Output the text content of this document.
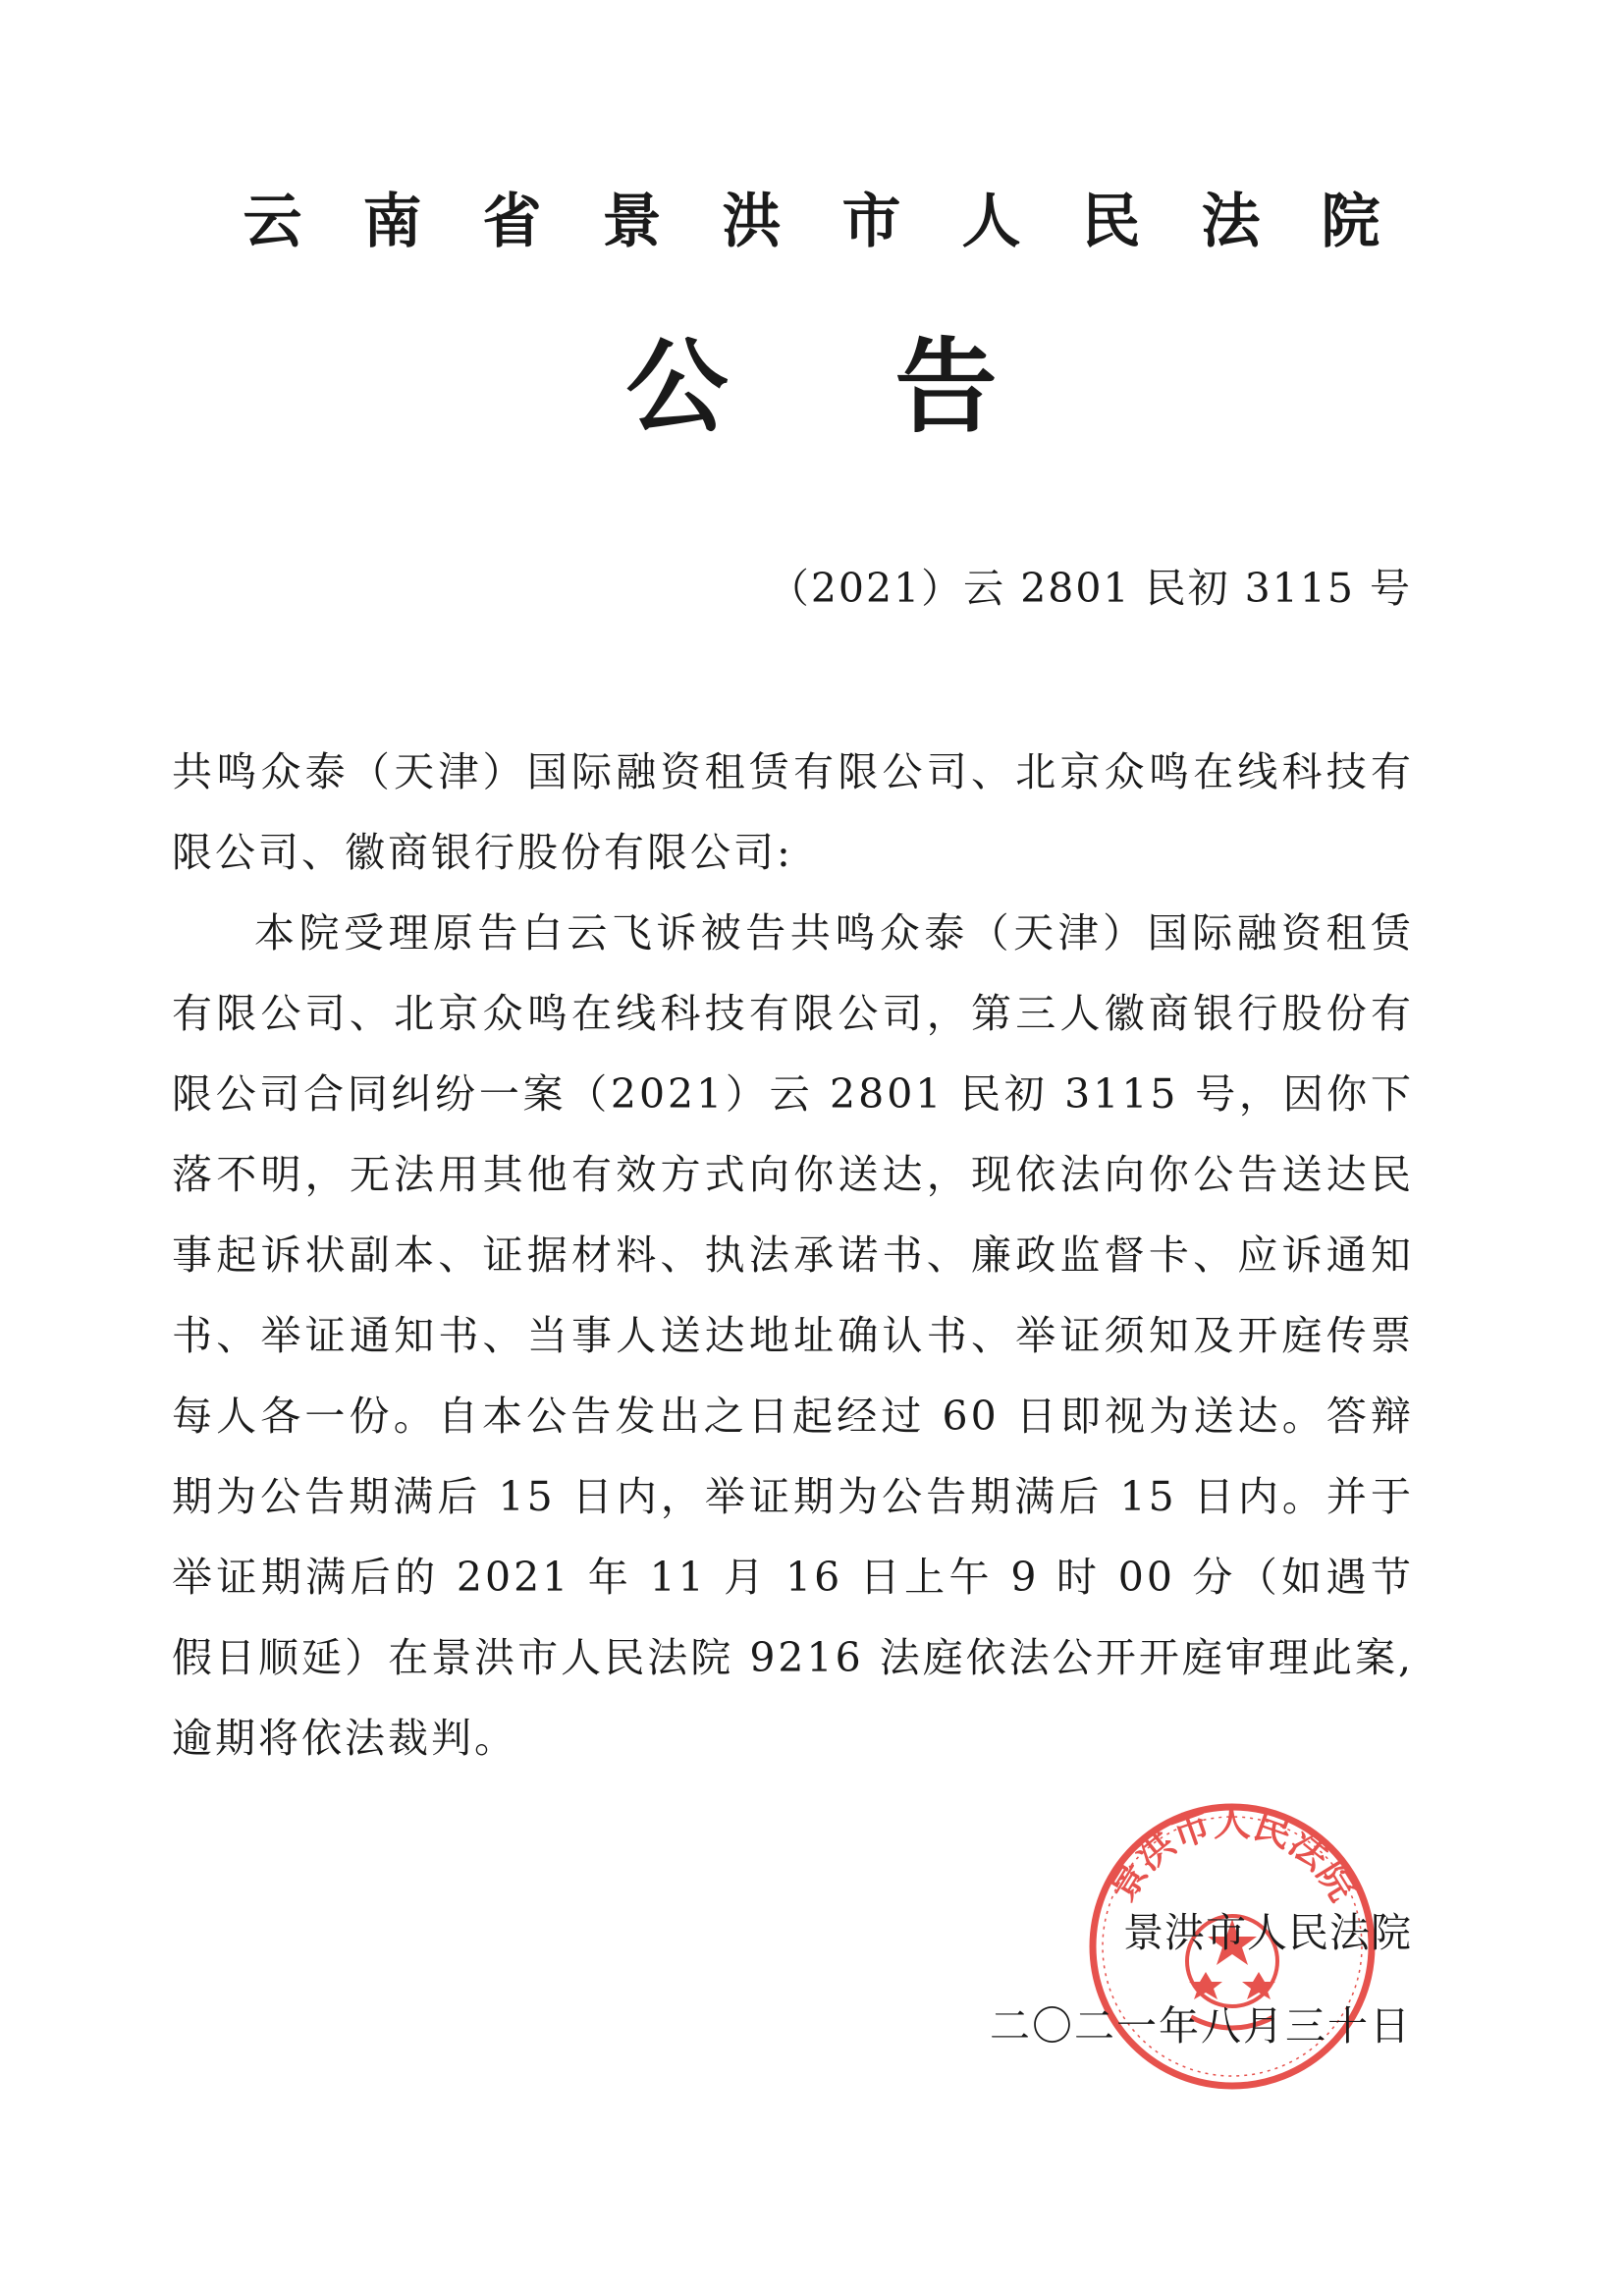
云南省景洪市人民法院
公告
（2021）云 2801 民初 3115 号

共鸣众泰（天津）国际融资租赁有限公司、北京众鸣在线科技有限公司、徽商银行股份有限公司:

本院受理原告白云飞诉被告共鸣众泰（天津）国际融资租赁有限公司、北京众鸣在线科技有限公司，第三人徽商银行股份有限公司合同纠纷一案（2021）云 2801 民初 3115 号，因你下落不明，无法用其他有效方式向你送达，现依法向你公告送达民事起诉状副本、证据材料、执法承诺书、廉政监督卡、应诉通知书、举证通知书、当事人送达地址确认书、举证须知及开庭传票每人各一份。自本公告发出之日起经过 60 日即视为送达。答辩期为公告期满后 15 日内，举证期为公告期满后 15 日内。并于举证期满后的 2021 年 11 月 16 日上午 9 时 00 分（如遇节假日顺延）在景洪市人民法院 9216 法庭依法公开开庭审理此案,逾期将依法裁判。

景洪市人民法院
景洪市人民法院
二〇二一年八月三十日
